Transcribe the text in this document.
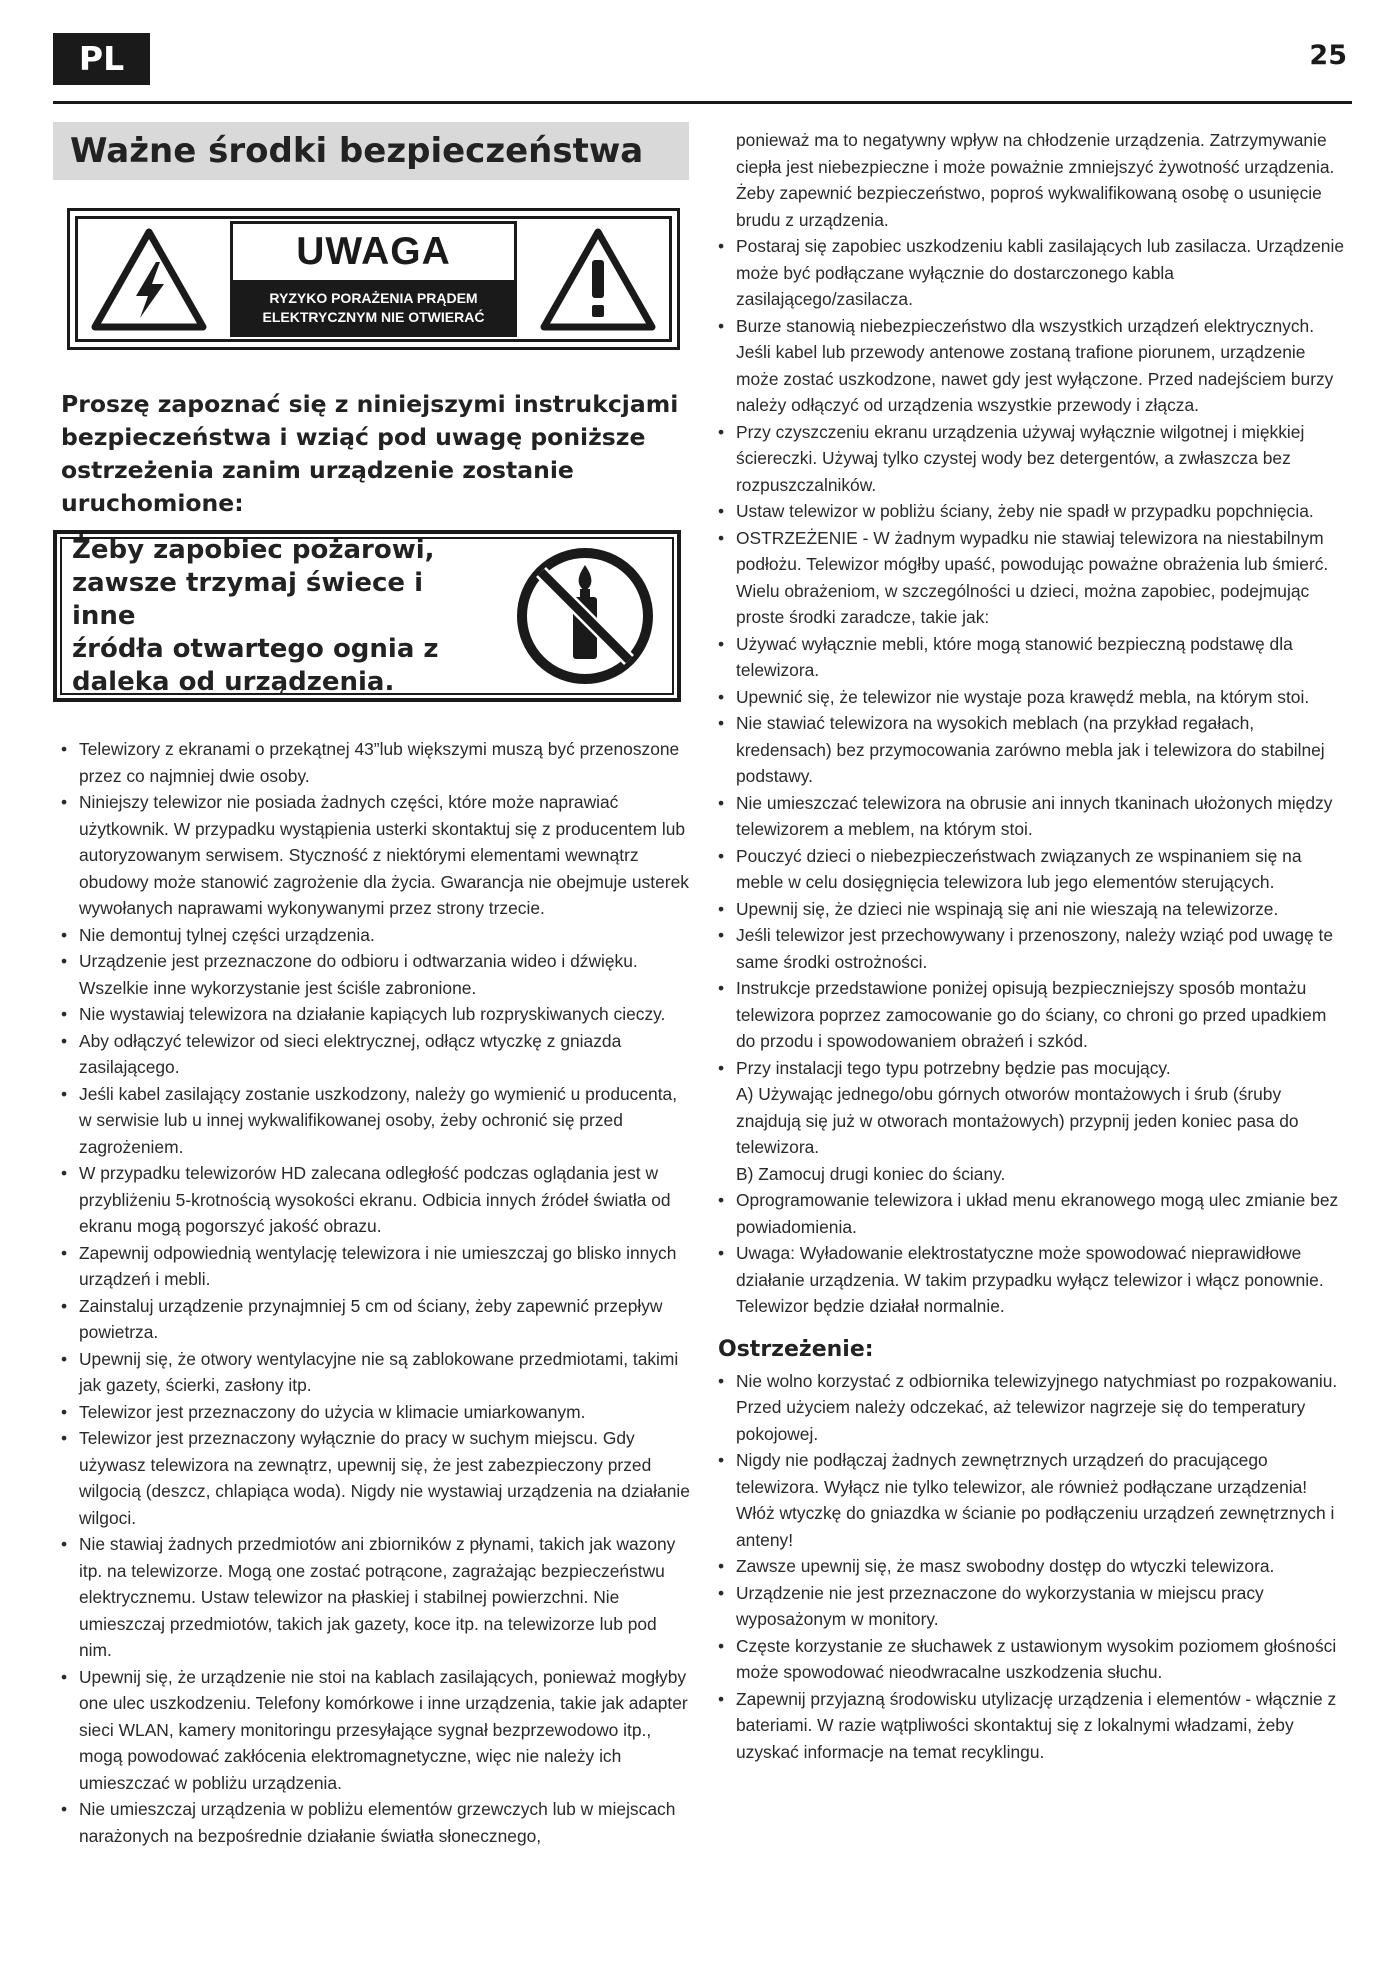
PL	25
Ważne środki bezpieczeństwa
UWAGA
RYZYKO PORAŻENIA PRĄDEM
ELEKTRYCZNYM NIE OTWIERAĆ

Proszę zapoznać się z niniejszymi instrukcjami bezpieczeństwa i wziąć pod uwagę poniższe ostrzeżenia zanim urządzenie zostanie uruchomione:

Żeby zapobiec pożarowi,
zawsze trzymaj świece i inne
źródła otwartego ognia z
daleka od urządzenia.
• Telewizory z ekranami o przekątnej 43”lub większymi muszą być przenoszone przez co najmniej dwie osoby.
• Niniejszy telewizor nie posiada żadnych części, które może naprawiać użytkownik. W przypadku wystąpienia usterki skontaktuj się z producentem lub autoryzowanym serwisem. Styczność z niektórymi elementami wewnątrz obudowy może stanowić zagrożenie dla życia. Gwarancja nie obejmuje usterek wywołanych naprawami wykonywanymi przez strony trzecie.
• Nie demontuj tylnej części urządzenia.
• Urządzenie jest przeznaczone do odbioru i odtwarzania wideo i dźwięku. Wszelkie inne wykorzystanie jest ściśle zabronione.
• Nie wystawiaj telewizora na działanie kapiących lub rozpryskiwanych cieczy.
• Aby odłączyć telewizor od sieci elektrycznej, odłącz wtyczkę z gniazda zasilającego.
• Jeśli kabel zasilający zostanie uszkodzony, należy go wymienić u producenta, w serwisie lub u innej wykwalifikowanej osoby, żeby ochronić się przed zagrożeniem.
• W przypadku telewizorów HD zalecana odległość podczas oglądania jest w przybliżeniu 5-krotnością wysokości ekranu. Odbicia innych źródeł światła od ekranu mogą pogorszyć jakość obrazu.
• Zapewnij odpowiednią wentylację telewizora i nie umieszczaj go blisko innych urządzeń i mebli.
• Zainstaluj urządzenie przynajmniej 5 cm od ściany, żeby zapewnić przepływ powietrza.
• Upewnij się, że otwory wentylacyjne nie są zablokowane przedmiotami, takimi jak gazety, ścierki, zasłony itp.
• Telewizor jest przeznaczony do użycia w klimacie umiarkowanym.
• Telewizor jest przeznaczony wyłącznie do pracy w suchym miejscu. Gdy używasz telewizora na zewnątrz, upewnij się, że jest zabezpieczony przed wilgocią (deszcz, chlapiąca woda). Nigdy nie wystawiaj urządzenia na działanie wilgoci.
• Nie stawiaj żadnych przedmiotów ani zbiorników z płynami, takich jak wazony itp. na telewizorze. Mogą one zostać potrącone, zagrażając bezpieczeństwu elektrycznemu. Ustaw telewizor na płaskiej i stabilnej powierzchni. Nie umieszczaj przedmiotów, takich jak gazety, koce itp. na telewizorze lub pod nim.
• Upewnij się, że urządzenie nie stoi na kablach zasilających, ponieważ mogłyby one ulec uszkodzeniu. Telefony komórkowe i inne urządzenia, takie jak adapter sieci WLAN, kamery monitoringu przesyłające sygnał bezprzewodowo itp., mogą powodować zakłócenia elektromagnetyczne, więc nie należy ich umieszczać w pobliżu urządzenia.
• Nie umieszczaj urządzenia w pobliżu elementów grzewczych lub w miejscach narażonych na bezpośrednie działanie światła słonecznego,

ponieważ ma to negatywny wpływ na chłodzenie urządzenia. Zatrzymywanie ciepła jest niebezpieczne i może poważnie zmniejszyć żywotność urządzenia. Żeby zapewnić bezpieczeństwo, poproś wykwalifikowaną osobę o usunięcie brudu z urządzenia.

• Postaraj się zapobiec uszkodzeniu kabli zasilających lub zasilacza. Urządzenie może być podłączane wyłącznie do dostarczonego kabla zasilającego/zasilacza.
• Burze stanowią niebezpieczeństwo dla wszystkich urządzeń elektrycznych. Jeśli kabel lub przewody antenowe zostaną trafione piorunem, urządzenie może zostać uszkodzone, nawet gdy jest wyłączone. Przed nadejściem burzy należy odłączyć od urządzenia wszystkie przewody i złącza.
• Przy czyszczeniu ekranu urządzenia używaj wyłącznie wilgotnej i miękkiej ściereczki. Używaj tylko czystej wody bez detergentów, a zwłaszcza bez rozpuszczalników.
• Ustaw telewizor w pobliżu ściany, żeby nie spadł w przypadku popchnięcia.
• OSTRZEŻENIE - W żadnym wypadku nie stawiaj telewizora na niestabilnym podłożu. Telewizor mógłby upaść, powodując poważne obrażenia lub śmierć. Wielu obrażeniom, w szczególności u dzieci, można zapobiec, podejmując proste środki zaradcze, takie jak:
• Używać wyłącznie mebli, które mogą stanowić bezpieczną podstawę dla telewizora.
• Upewnić się, że telewizor nie wystaje poza krawędź mebla, na którym stoi.
• Nie stawiać telewizora na wysokich meblach (na przykład regałach, kredensach) bez przymocowania zarówno mebla jak i telewizora do stabilnej podstawy.
• Nie umieszczać telewizora na obrusie ani innych tkaninach ułożonych między telewizorem a meblem, na którym stoi.
• Pouczyć dzieci o niebezpieczeństwach związanych ze wspinaniem się na meble w celu dosięgnięcia telewizora lub jego elementów sterujących.
• Upewnij się, że dzieci nie wspinają się ani nie wieszają na telewizorze.
• Jeśli telewizor jest przechowywany i przenoszony, należy wziąć pod uwagę te same środki ostrożności.
• Instrukcje przedstawione poniżej opisują bezpieczniejszy sposób montażu telewizora poprzez zamocowanie go do ściany, co chroni go przed upadkiem do przodu i spowodowaniem obrażeń i szkód.
• Przy instalacji tego typu potrzebny będzie pas mocujący.
A) Używając jednego/obu górnych otworów montażowych i śrub (śruby znajdują się już w otworach montażowych) przypnij jeden koniec pasa do telewizora.
B) Zamocuj drugi koniec do ściany.
• Oprogramowanie telewizora i układ menu ekranowego mogą ulec zmianie bez powiadomienia.
• Uwaga: Wyładowanie elektrostatyczne może spowodować nieprawidłowe działanie urządzenia. W takim przypadku wyłącz telewizor i włącz ponownie. Telewizor będzie działał normalnie.
Ostrzeżenie:
• Nie wolno korzystać z odbiornika telewizyjnego natychmiast po rozpakowaniu. Przed użyciem należy odczekać, aż telewizor nagrzeje się do temperatury pokojowej.
• Nigdy nie podłączaj żadnych zewnętrznych urządzeń do pracującego telewizora. Wyłącz nie tylko telewizor, ale również podłączane urządzenia! Włóż wtyczkę do gniazdka w ścianie po podłączeniu urządzeń zewnętrznych i anteny!
• Zawsze upewnij się, że masz swobodny dostęp do wtyczki telewizora.
• Urządzenie nie jest przeznaczone do wykorzystania w miejscu pracy wyposażonym w monitory.
• Częste korzystanie ze słuchawek z ustawionym wysokim poziomem głośności może spowodować nieodwracalne uszkodzenia słuchu.
• Zapewnij przyjazną środowisku utylizację urządzenia i elementów - włącznie z bateriami. W razie wątpliwości skontaktuj się z lokalnymi władzami, żeby uzyskać informacje na temat recyklingu.
